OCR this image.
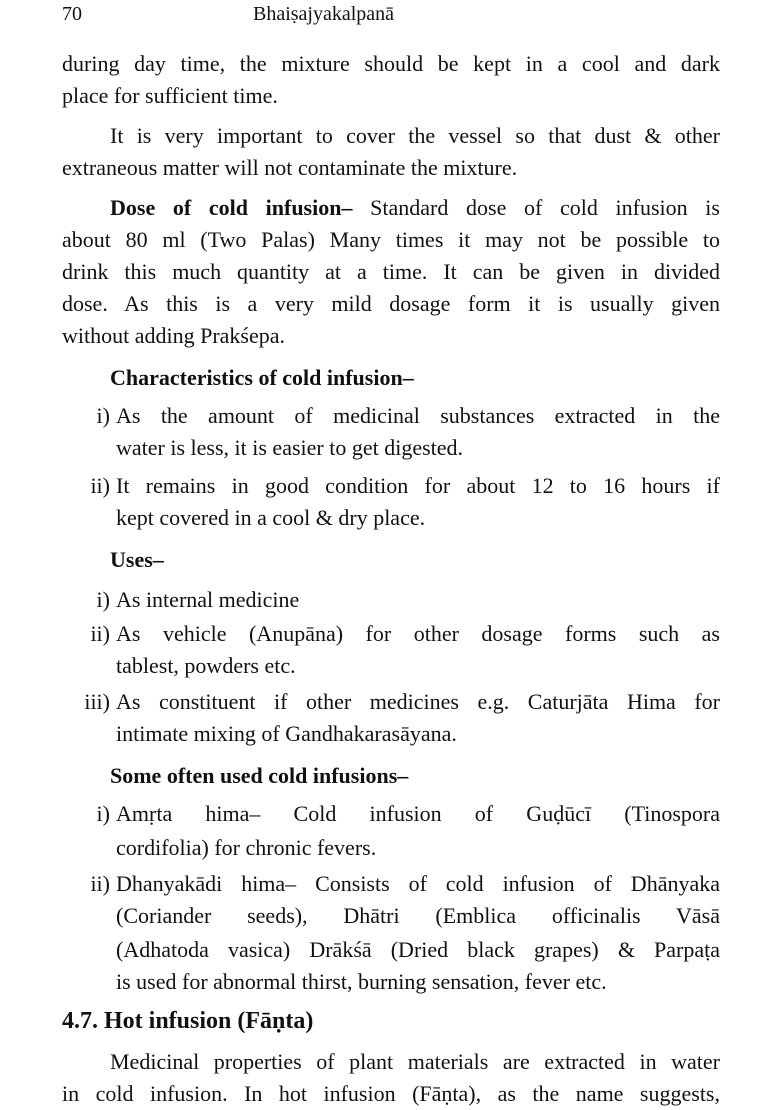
70	Bhaiṣajyakalpanā
during day time, the mixture should be kept in a cool and dark
place for sufficient time.
It is very important to cover the vessel so that dust & other
extraneous matter will not contaminate the mixture.
Dose of cold infusion– Standard dose of cold infusion is
about 80 ml (Two Palas) Many times it may not be possible to
drink this much quantity at a time. It can be given in divided
dose. As this is a very mild dosage form it is usually given
without adding Prakśepa.
Characteristics of cold infusion–
i) As the amount of medicinal substances extracted in the
water is less, it is easier to get digested.
ii) It remains in good condition for about 12 to 16 hours if
kept covered in a cool & dry place.
Uses–
i) As internal medicine
ii) As vehicle (Anupāna) for other dosage forms such as
tablest, powders etc.
iii) As constituent if other medicines e.g. Caturjāta Hima for
intimate mixing of Gandhakarasāyana.
Some often used cold infusions–
i) Amṛta hima– Cold infusion of Guḍūcī (Tinospora
cordifolia) for chronic fevers.
ii) Dhanyakādi hima– Consists of cold infusion of Dhānyaka
(Coriander seeds), Dhātri (Emblica officinalis Vāsā
(Adhatoda vasica) Drākśā (Dried black grapes) & Parpaṭa
is used for abnormal thirst, burning sensation, fever etc.
4.7. Hot infusion (Fāṇta)
Medicinal properties of plant materials are extracted in water
in cold infusion. In hot infusion (Fāṇta), as the name suggests,
